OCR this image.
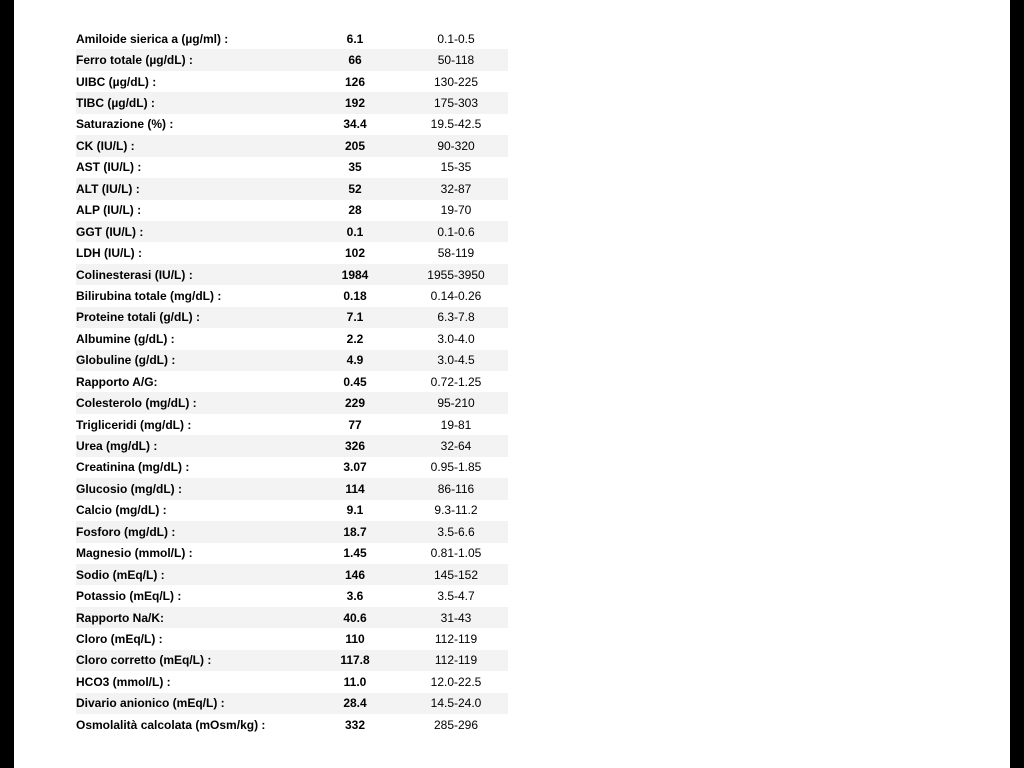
Amiloide sierica a (µg/ml) :	6.1	0.1-0.5
Ferro totale (µg/dL) :	66	50-118
UIBC (µg/dL) :	126	130-225
TIBC (µg/dL) :	192	175-303
Saturazione (%) :	34.4	19.5-42.5
CK (IU/L) :	205	90-320
AST (IU/L) :	35	15-35
ALT (IU/L) :	52	32-87
ALP (IU/L) :	28	19-70
GGT (IU/L) :	0.1	0.1-0.6
LDH (IU/L) :	102	58-119
Colinesterasi (IU/L) :	1984	1955-3950
Bilirubina totale (mg/dL) :	0.18	0.14-0.26
Proteine totali (g/dL) :	7.1	6.3-7.8
Albumine (g/dL) :	2.2	3.0-4.0
Globuline (g/dL) :	4.9	3.0-4.5
Rapporto A/G:	0.45	0.72-1.25
Colesterolo (mg/dL) :	229	95-210
Trigliceridi (mg/dL) :	77	19-81
Urea (mg/dL) :	326	32-64
Creatinina (mg/dL) :	3.07	0.95-1.85
Glucosio (mg/dL) :	114	86-116
Calcio (mg/dL) :	9.1	9.3-11.2
Fosforo (mg/dL) :	18.7	3.5-6.6
Magnesio (mmol/L) :	1.45	0.81-1.05
Sodio (mEq/L) :	146	145-152
Potassio (mEq/L) :	3.6	3.5-4.7
Rapporto Na/K:	40.6	31-43
Cloro (mEq/L) :	110	112-119
Cloro corretto (mEq/L) :	117.8	112-119
HCO3 (mmol/L) :	11.0	12.0-22.5
Divario anionico (mEq/L) :	28.4	14.5-24.0
Osmolalità calcolata (mOsm/kg) :	332	285-296
